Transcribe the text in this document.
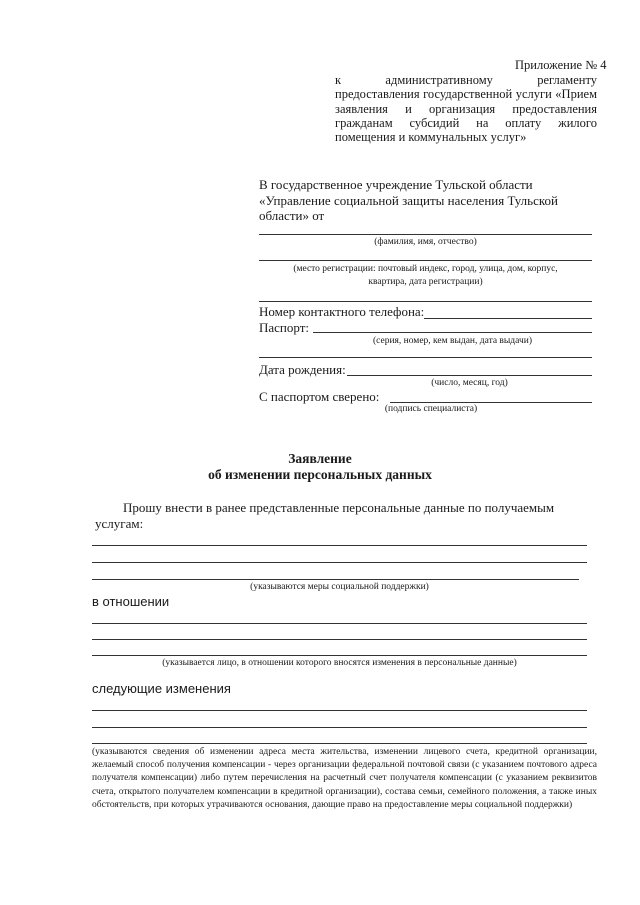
Приложение № 4
к административному регламенту предоставления государственной услуги «Прием заявления и организация предоставления гражданам субсидий на оплату жилого помещения и коммунальных услуг»
В государственное учреждение Тульской области «Управление социальной защиты населения Тульской области» от
(фамилия, имя, отчество)
(место регистрации: почтовый индекс, город, улица, дом, корпус,
квартира, дата регистрации)
Номер контактного телефона:
Паспорт:
(серия, номер, кем выдан, дата выдачи)
Дата рождения:
(число, месяц, год)
С паспортом сверено:
(подпись специалиста)
Заявление
об изменении персональных данных
Прошу внести в ранее представленные персональные данные по получаемым услугам:
(указываются меры социальной поддержки)
в отношении
(указывается лицо, в отношении которого вносятся изменения в персональные данные)
следующие изменения
(указываются сведения об изменении адреса места жительства, изменении лицевого счета, кредитной организации, желаемый способ получения компенсации - через организации федеральной почтовой связи (с указанием почтового адреса получателя компенсации) либо путем перечисления на расчетный счет получателя компенсации (с указанием реквизитов счета, открытого получателем компенсации в кредитной организации), состава семьи, семейного положения, а также иных обстоятельств, при которых утрачиваются основания, дающие право на предоставление меры социальной поддержки)
